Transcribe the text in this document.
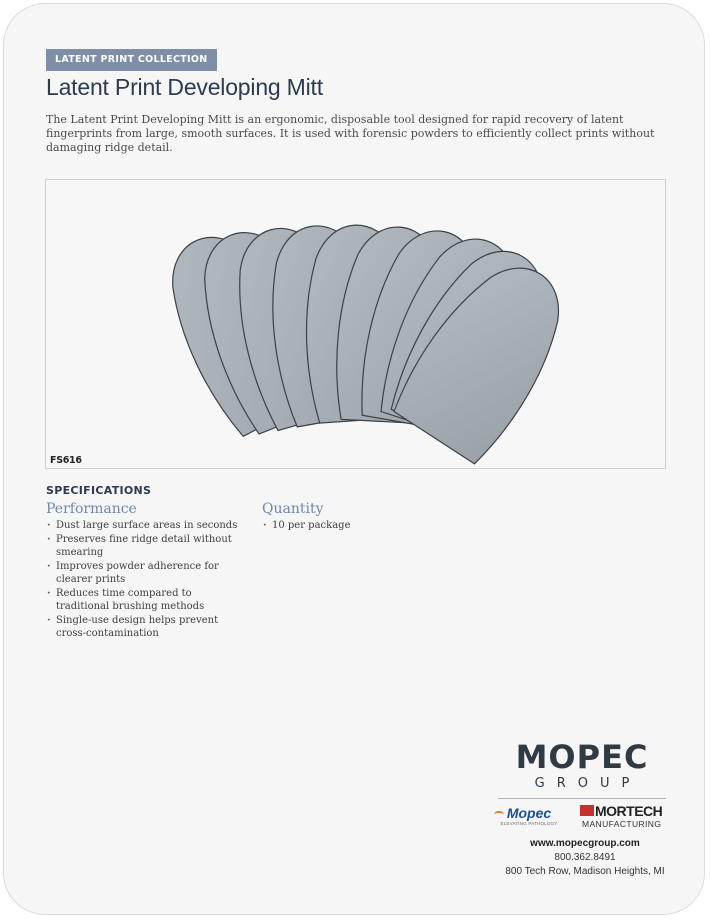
LATENT PRINT COLLECTION
Latent Print Developing Mitt

The Latent Print Developing Mitt is an ergonomic, disposable tool designed for rapid recovery of latent fingerprints from large, smooth surfaces. It is used with forensic powders to efficiently collect prints without damaging ridge detail.

FS616
SPECIFICATIONS
Performance
· Dust large surface areas in seconds
· Preserves fine ridge detail without smearing
· Improves powder adherence for clearer prints
· Reduces time compared to traditional brushing methods
· Single-use design helps prevent cross-contamination
Quantity
· 10 per package
MOPEC
GROUP
Mopec
ELEVATING PATHOLOGY
MORTECH
MANUFACTURING
www.mopecgroup.com
800.362.8491
800 Tech Row, Madison Heights, MI
